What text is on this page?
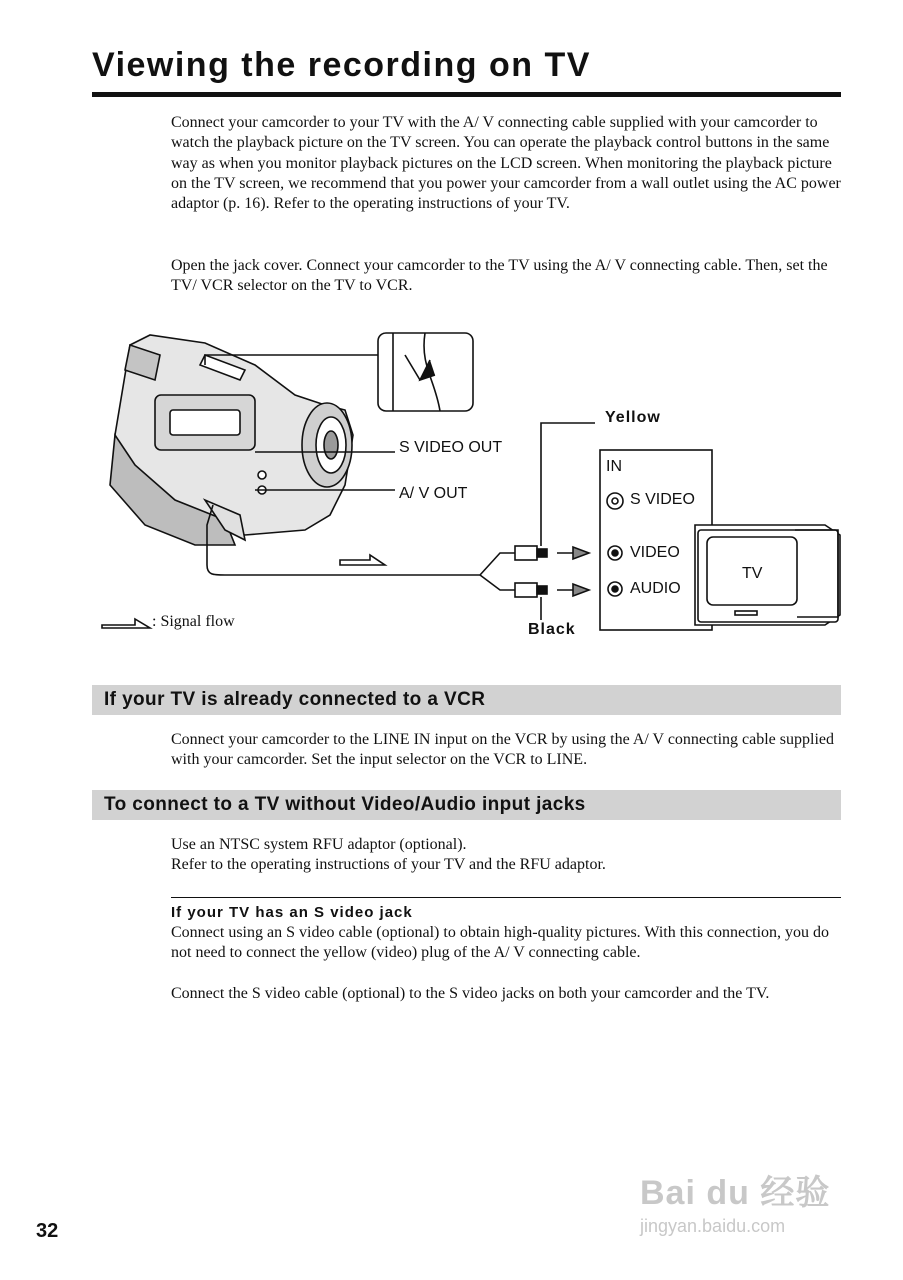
Viewing the recording on TV

Connect your camcorder to your TV with the A/ V connecting cable supplied with your camcorder to watch the playback picture on the TV screen. You can operate the playback control buttons in the same way as when you monitor playback pictures on the LCD screen. When monitoring the playback picture on the TV screen, we recommend that you power your camcorder from a wall outlet using the AC power adaptor (p. 16). Refer to the operating instructions of your TV.

Open the jack cover. Connect your camcorder to the TV using the A/ V connecting cable. Then, set the TV/ VCR selector on the TV to VCR.

S VIDEO OUT
A/ V OUT
Yellow
Black
IN
S VIDEO
VIDEO
AUDIO
TV
: Signal flow
If your TV is already connected to a VCR

Connect your camcorder to the LINE IN input on the VCR by using the A/ V connecting cable supplied with your camcorder. Set the input selector on the VCR to LINE.

To connect to a TV without Video/Audio input jacks

Use an NTSC system RFU adaptor (optional).

Refer to the operating instructions of your TV and the RFU adaptor.

If your TV has an S video jack

Connect using an S video cable (optional) to obtain high-quality pictures. With this connection, you do not need to connect the yellow (video) plug of the A/ V connecting cable.

Connect the S video cable (optional) to the S video jacks on both your camcorder and the TV.

32
Bai du 经验
jingyan.baidu.com
